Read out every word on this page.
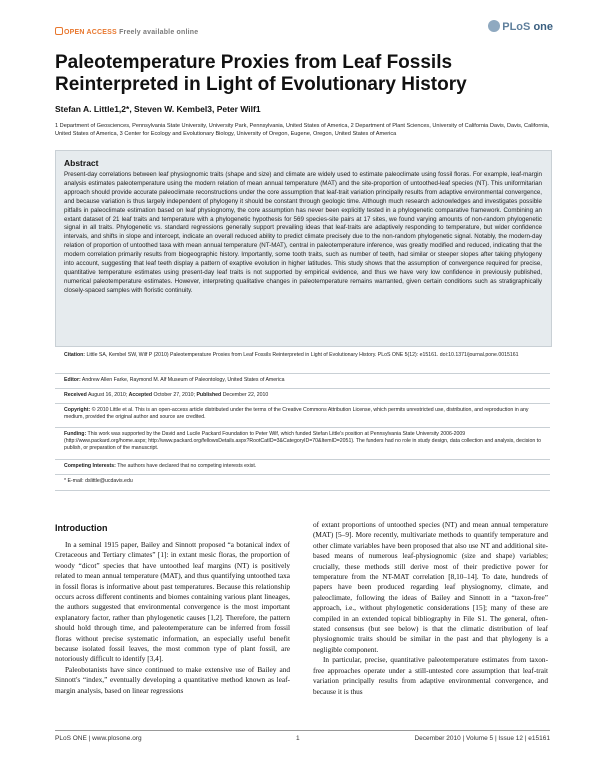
OPEN ACCESS Freely available online	PLoS one
Paleotemperature Proxies from Leaf Fossils
Reinterpreted in Light of Evolutionary History
Stefan A. Little1,2*, Steven W. Kembel3, Peter Wilf1
1 Department of Geosciences, Pennsylvania State University, University Park, Pennsylvania, United States of America, 2 Department of Plant Sciences, University of California Davis, Davis, California, United States of America, 3 Center for Ecology and Evolutionary Biology, University of Oregon, Eugene, Oregon, United States of America
Abstract
Present-day correlations between leaf physiognomic traits (shape and size) and climate are widely used to estimate paleoclimate using fossil floras. For example, leaf-margin analysis estimates paleotemperature using the modern relation of mean annual temperature (MAT) and the site-proportion of untoothed-leaf species (NT). This uniformitarian approach should provide accurate paleoclimate reconstructions under the core assumption that leaf-trait variation principally results from adaptive environmental convergence, and because variation is thus largely independent of phylogeny it should be constant through geologic time. Although much research acknowledges and investigates possible pitfalls in paleoclimate estimation based on leaf physiognomy, the core assumption has never been explicitly tested in a phylogenetic comparative framework. Combining an extant dataset of 21 leaf traits and temperature with a phylogenetic hypothesis for 569 species-site pairs at 17 sites, we found varying amounts of non-random phylogenetic signal in all traits. Phylogenetic vs. standard regressions generally support prevailing ideas that leaf-traits are adaptively responding to temperature, but wider confidence intervals, and shifts in slope and intercept, indicate an overall reduced ability to predict climate precisely due to the non-random phylogenetic signal. Notably, the modern-day relation of proportion of untoothed taxa with mean annual temperature (NT-MAT), central in paleotemperature inference, was greatly modified and reduced, indicating that the modern correlation primarily results from biogeographic history. Importantly, some tooth traits, such as number of teeth, had similar or steeper slopes after taking phylogeny into account, suggesting that leaf teeth display a pattern of exaptive evolution in higher latitudes. This study shows that the assumption of convergence required for precise, quantitative temperature estimates using present-day leaf traits is not supported by empirical evidence, and thus we have very low confidence in previously published, numerical paleotemperature estimates. However, interpreting qualitative changes in paleotemperature remains warranted, given certain conditions such as stratigraphically closely-spaced samples with floristic continuity.
Citation: Little SA, Kembel SW, Wilf P (2010) Paleotemperature Proxies from Leaf Fossils Reinterpreted in Light of Evolutionary History. PLoS ONE 5(12): e15161. doi:10.1371/journal.pone.0015161
Editor: Andrew Allen Farke, Raymond M. Alf Museum of Paleontology, United States of America
Received August 16, 2010; Accepted October 27, 2010; Published December 22, 2010
Copyright: © 2010 Little et al. This is an open-access article distributed under the terms of the Creative Commons Attribution License, which permits unrestricted use, distribution, and reproduction in any medium, provided the original author and source are credited.
Funding: This work was supported by the David and Lucile Packard Foundation to Peter Wilf, which funded Stefan Little's position at Pennsylvania State University 2006-2009 (http://www.packard.org/home.aspx; http://www.packard.org/fellowsDetails.aspx?RootCatID=3&CategoryID=70&ItemID=2051). The funders had no role in study design, data collection and analysis, decision to publish, or preparation of the manuscript.
Competing Interests: The authors have declared that no competing interests exist.
* E-mail: dslittle@ucdavis.edu
Introduction

In a seminal 1915 paper, Bailey and Sinnott proposed “a botanical index of Cretaceous and Tertiary climates” [1]: in extant mesic floras, the proportion of woody “dicot” species that have untoothed leaf margins (NT) is positively related to mean annual temperature (MAT), and thus quantifying untoothed taxa in fossil floras is informative about past temperatures. Because this relationship occurs across different continents and biomes containing various plant lineages, the authors suggested that environmental convergence is the most important explanatory factor, rather than phylogenetic causes [1,2]. Therefore, the pattern should hold through time, and paleotemperature can be inferred from fossil floras without precise systematic information, an especially useful benefit because isolated fossil leaves, the most common type of plant fossil, are notoriously difficult to identify [3,4].

Paleobotanists have since continued to make extensive use of Bailey and Sinnott's “index,” eventually developing a quantitative method known as leaf-margin analysis, based on linear regressions

of extant proportions of untoothed species (NT) and mean annual temperature (MAT) [5–9]. More recently, multivariate methods to quantify temperature and other climate variables have been proposed that also use NT and additional site-based means of numerous leaf-physiognomic (size and shape) variables; crucially, these methods still derive most of their predictive power for temperature from the NT-MAT correlation [8,10–14]. To date, hundreds of papers have been produced regarding leaf physiognomy, climate, and paleoclimate, following the ideas of Bailey and Sinnott in a “taxon-free” approach, i.e., without phylogenetic considerations [15]; many of these are compiled in an extended topical bibliography in File S1. The general, often-stated consensus (but see below) is that the climatic distribution of leaf physiognomic traits should be similar in the past and that phylogeny is a negligible component.

In particular, precise, quantitative paleotemperature estimates from taxon-free approaches operate under a still-untested core assumption that leaf-trait variation principally results from adaptive environmental convergence, and because it is thus

PLoS ONE | www.plosone.org	1	December 2010 | Volume 5 | Issue 12 | e15161
